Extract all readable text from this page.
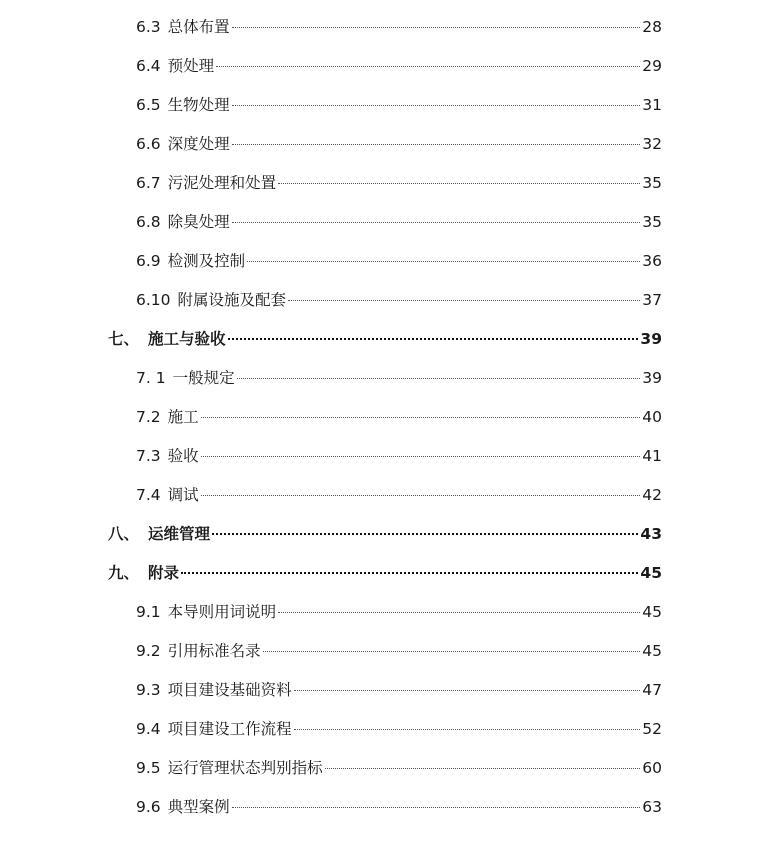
6.3 总体布置	28
6.4 预处理	29
6.5 生物处理	31
6.6 深度处理	32
6.7 污泥处理和处置	35
6.8 除臭处理	35
6.9 检测及控制	36
6.10 附属设施及配套	37
七、 施工与验收	39
7. 1 一般规定	39
7.2 施工	40
7.3 验收	41
7.4 调试	42
八、 运维管理	43
九、 附录	45
9.1 本导则用词说明	45
9.2 引用标准名录	45
9.3 项目建设基础资料	47
9.4 项目建设工作流程	52
9.5 运行管理状态判别指标	60
9.6 典型案例	63
